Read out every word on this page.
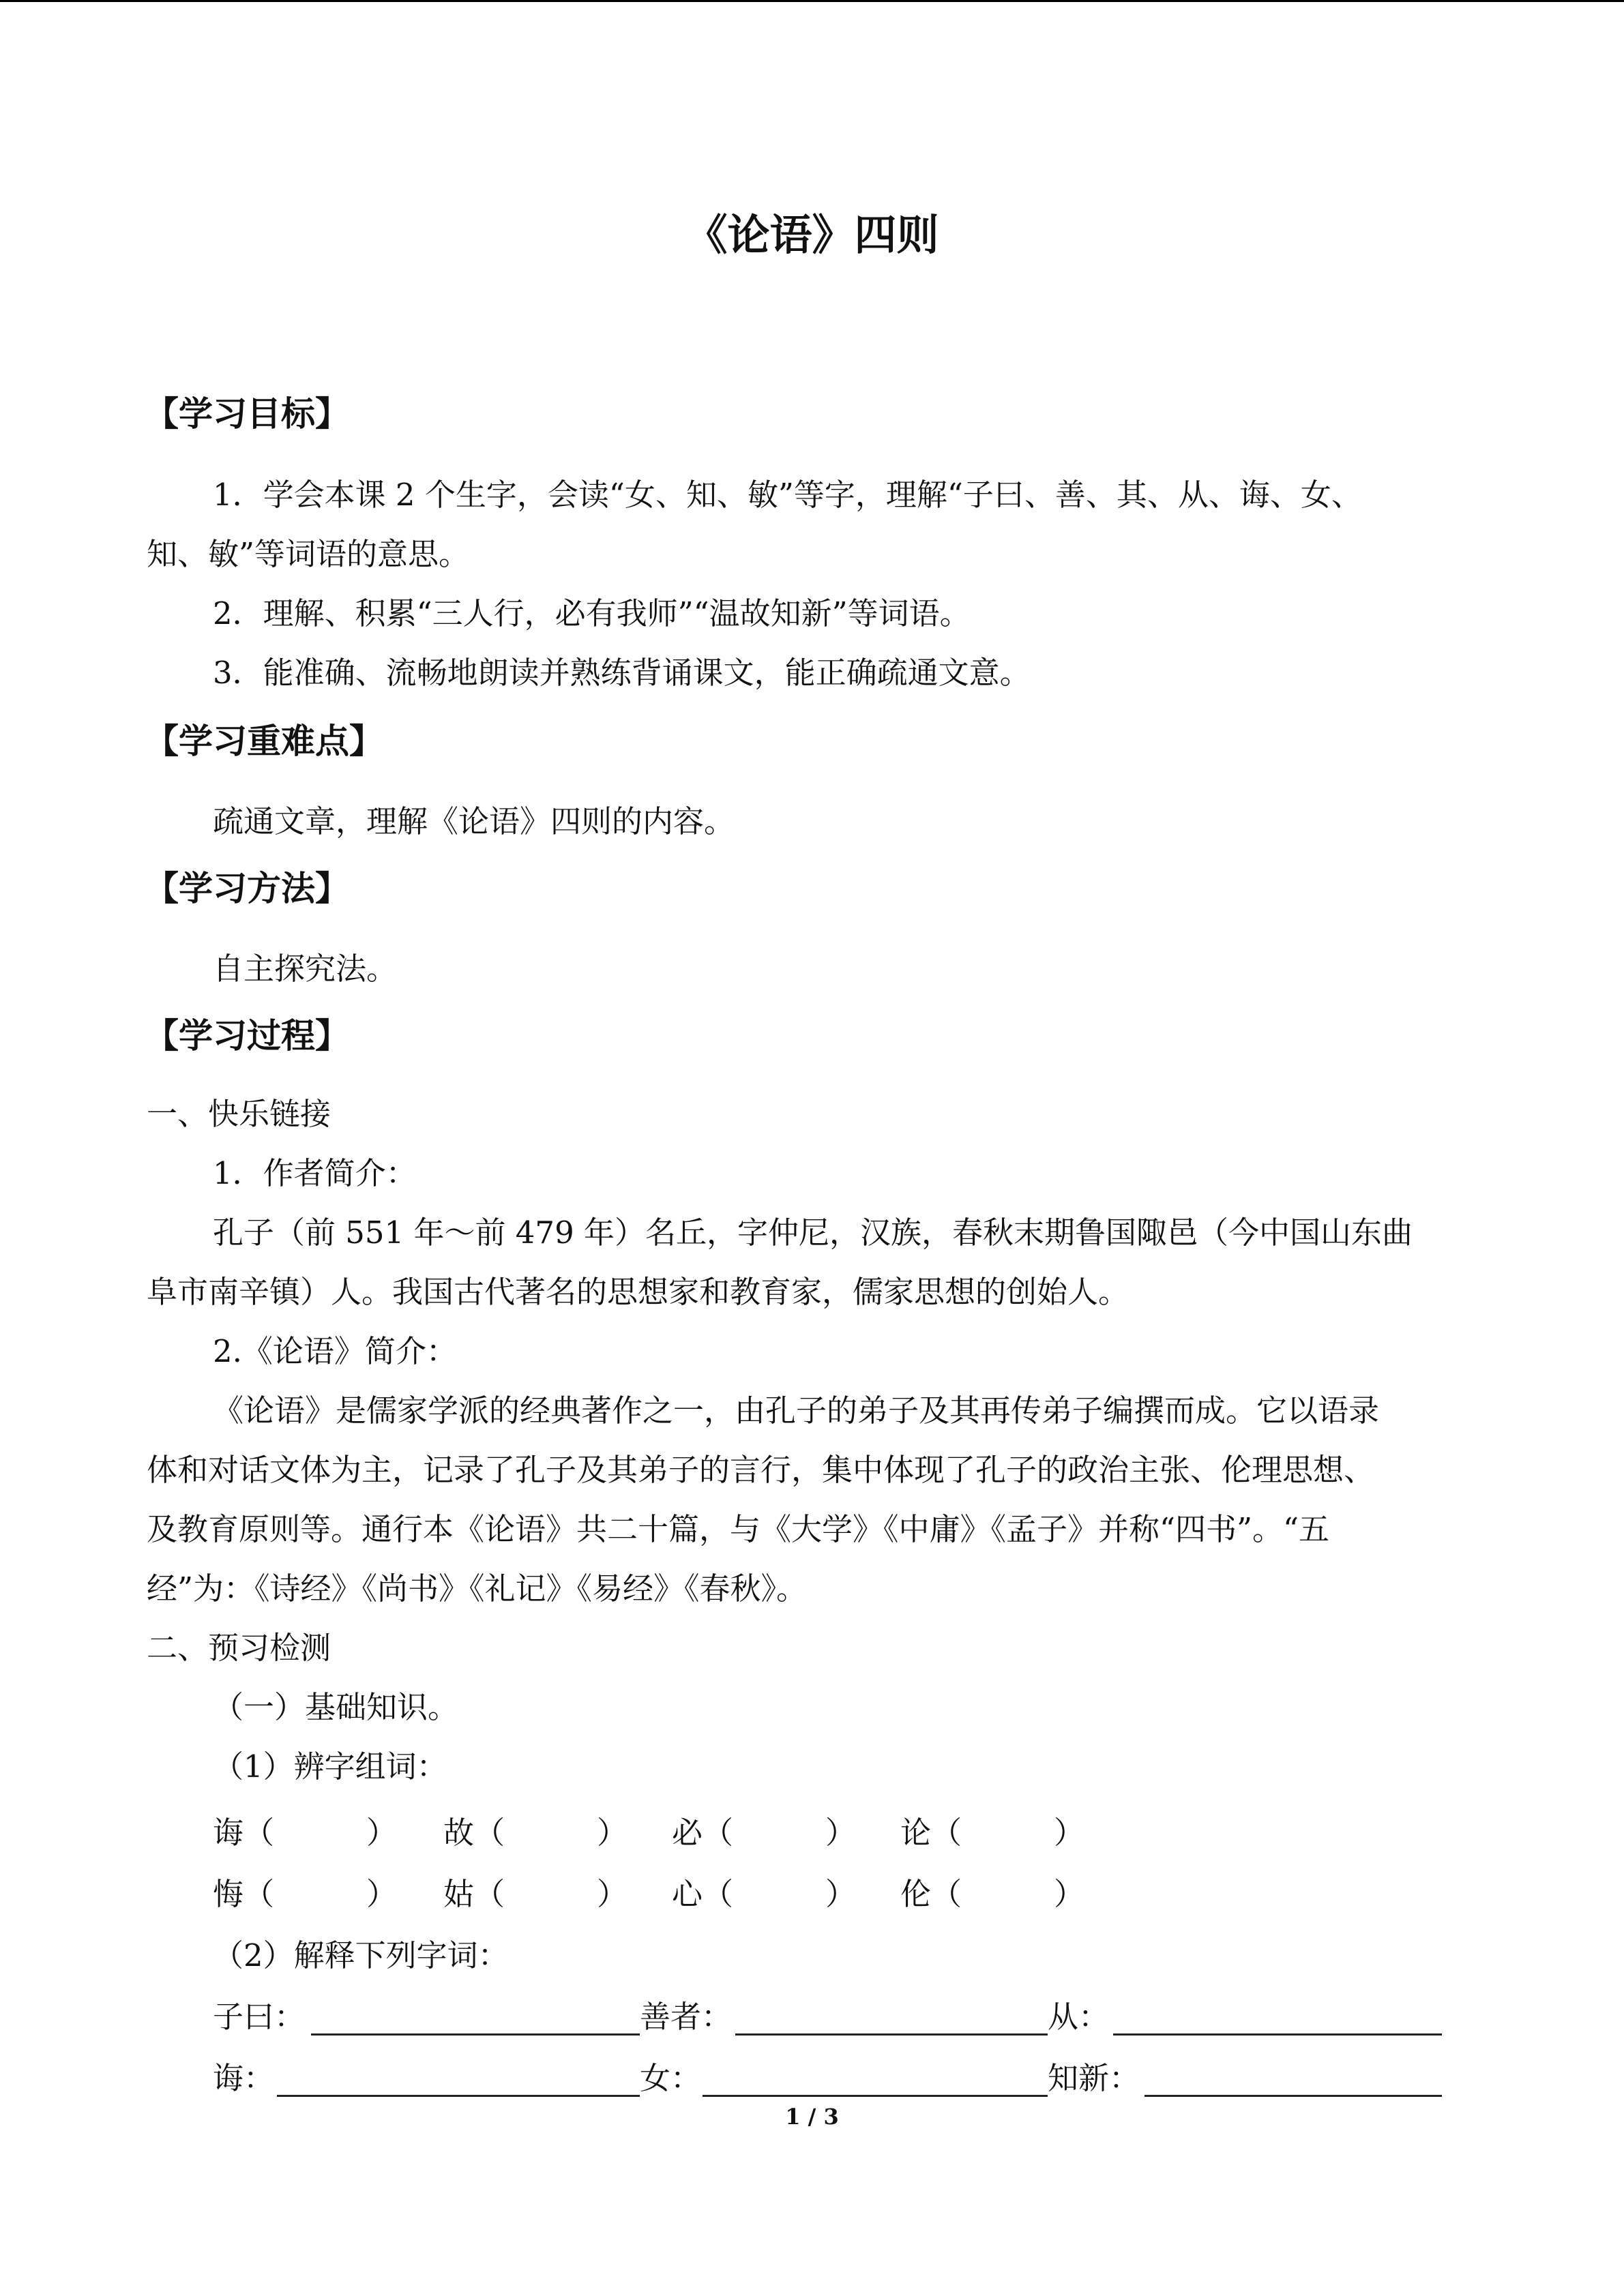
《论语》四则
【学习目标】
1．学会本课 2 个生字，会读“女、知、敏”等字，理解“子曰、善、其、从、诲、女、
知、敏”等词语的意思。
2．理解、积累“三人行，必有我师”“温故知新”等词语。
3．能准确、流畅地朗读并熟练背诵课文，能正确疏通文意。
【学习重难点】
疏通文章，理解《论语》四则的内容。
【学习方法】
自主探究法。
【学习过程】
一、快乐链接
1．作者简介：
孔子（前 551 年～前 479 年）名丘，字仲尼，汉族，春秋末期鲁国陬邑（今中国山东曲
阜市南辛镇）人。我国古代著名的思想家和教育家，儒家思想的创始人。
2.《论语》简介：
《论语》是儒家学派的经典著作之一，由孔子的弟子及其再传弟子编撰而成。它以语录
体和对话文体为主，记录了孔子及其弟子的言行，集中体现了孔子的政治主张、伦理思想、
及教育原则等。通行本《论语》共二十篇，与《大学》《中庸》《孟子》并称“四书”。“五
经”为：《诗经》《尚书》《礼记》《易经》《春秋》。
二、预习检测
（一）基础知识。
（1）辨字组词：
诲（　　　） 故（　　　） 必（　　　） 论（　　　）
悔（　　　） 姑（　　　） 心（　　　） 伦（　　　）
（2）解释下列字词：
子曰：	善者：	从：
诲：	女：	知新：
1 / 3
